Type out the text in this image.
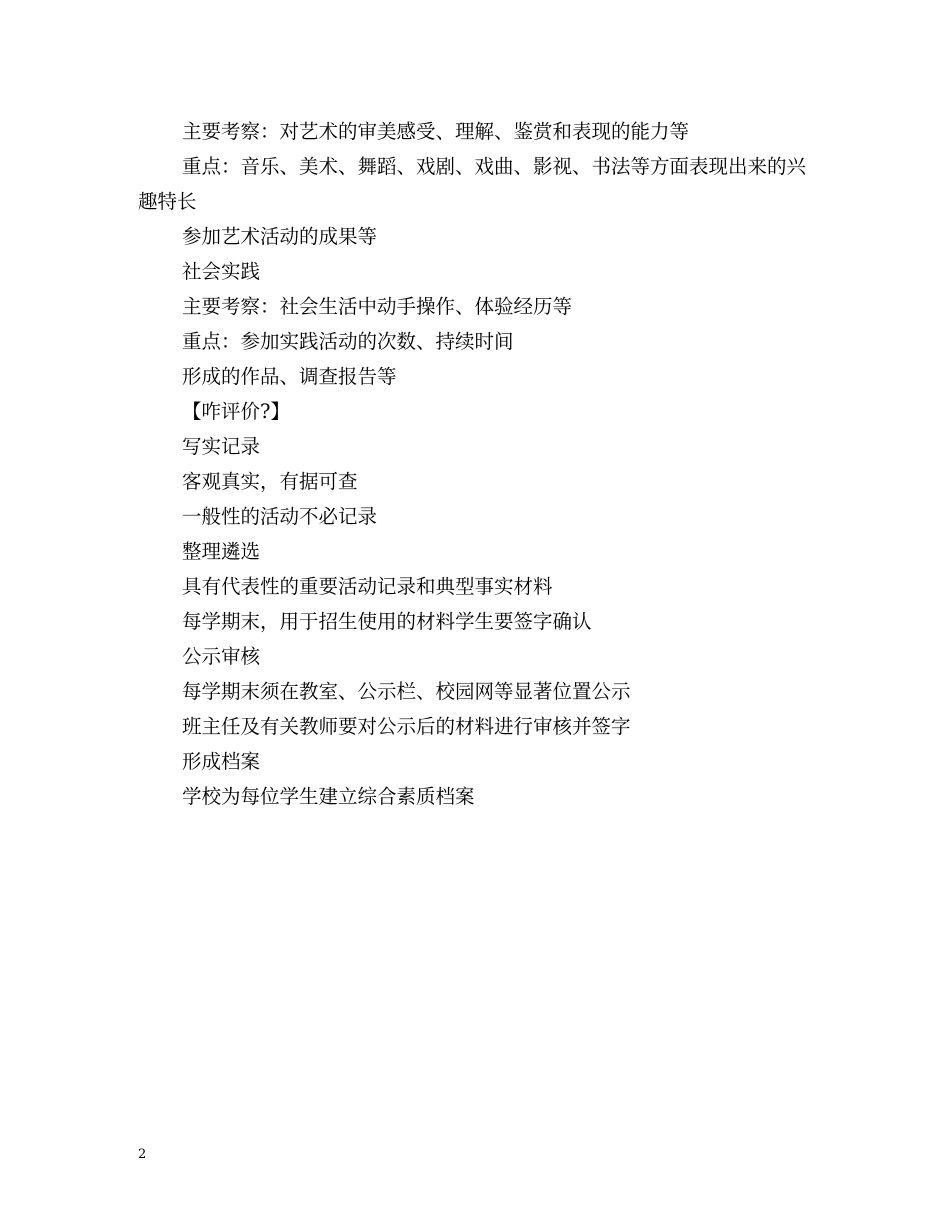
主要考察：对艺术的审美感受、理解、鉴赏和表现的能力等

重点：音乐、美术、舞蹈、戏剧、戏曲、影视、书法等方面表现出来的兴趣特长

参加艺术活动的成果等

社会实践

主要考察：社会生活中动手操作、体验经历等

重点：参加实践活动的次数、持续时间

形成的作品、调查报告等

【咋评价?】

写实记录

客观真实，有据可查

一般性的活动不必记录

整理遴选

具有代表性的重要活动记录和典型事实材料

每学期末，用于招生使用的材料学生要签字确认

公示审核

每学期末须在教室、公示栏、校园网等显著位置公示

班主任及有关教师要对公示后的材料进行审核并签字

形成档案

学校为每位学生建立综合素质档案

2
